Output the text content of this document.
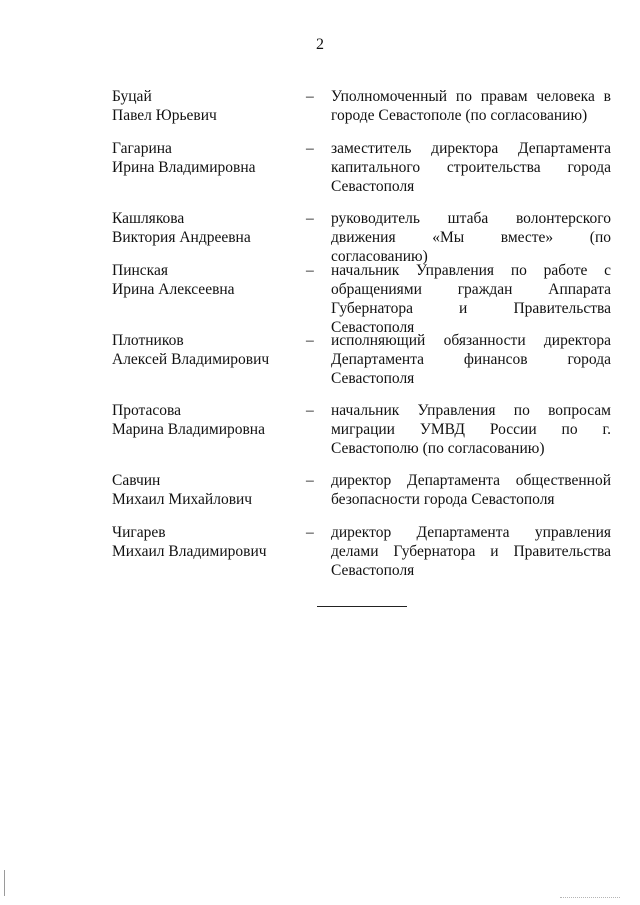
2
Буцай
Павел Юрьевич
–	Уполномоченный по правам человека в городе Севастополе (по согласованию)
Гагарина
Ирина Владимировна
–	заместитель директора Департамента капитального строительства города Севастополя
Кашлякова
Виктория Андреевна
–	руководитель штаба волонтерского движения «Мы вместе» (по согласованию)
Пинская
Ирина Алексеевна
–	начальник Управления по работе с обращениями граждан Аппарата Губернатора и Правительства Севастополя
Плотников
Алексей Владимирович
–	исполняющий обязанности директора Департамента финансов города Севастополя
Протасова
Марина Владимировна
–	начальник Управления по вопросам миграции УМВД России по г. Севастополю (по согласованию)
Савчин
Михаил Михайлович
–	директор Департамента общественной безопасности города Севастополя
Чигарев
Михаил Владимирович
–	директор Департамента управления делами Губернатора и Правительства Севастополя
